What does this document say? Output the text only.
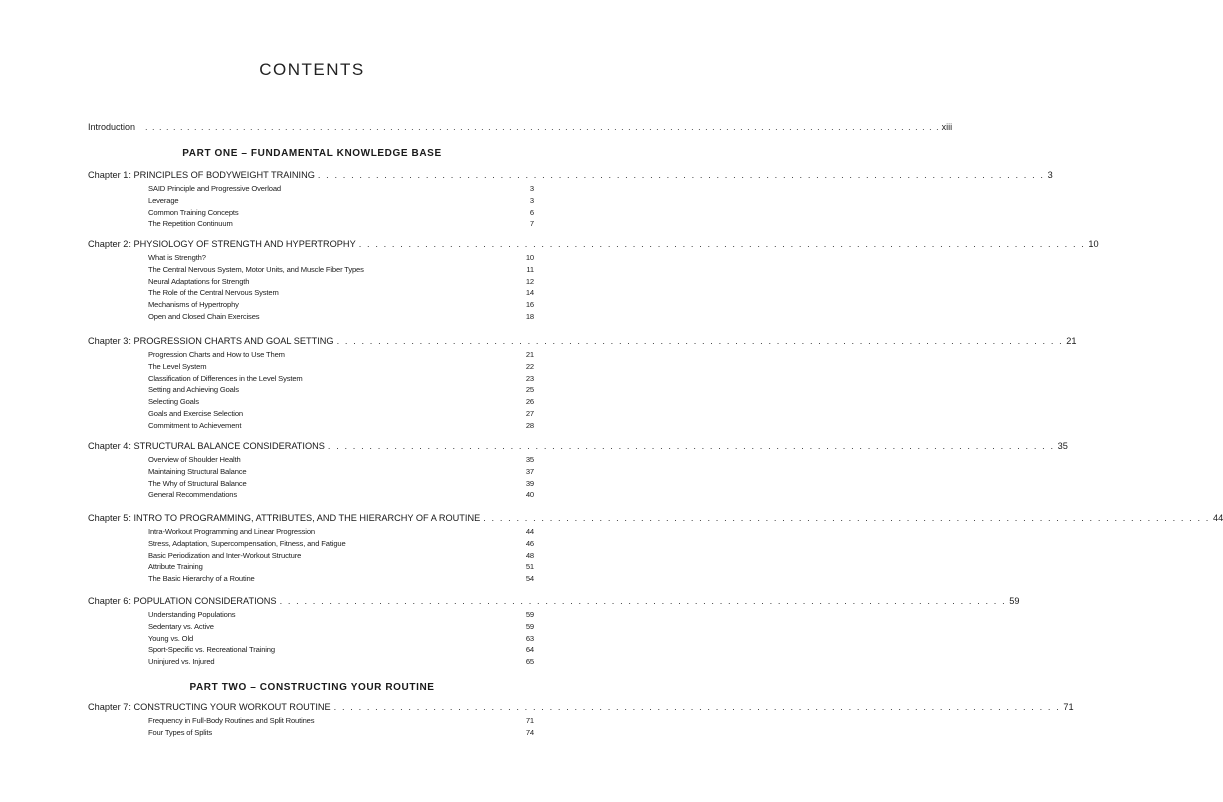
CONTENTS
Introduction . . . . . . . . . . . . . . . . . . . . . . . . . . . . . . . . . . . . . . . . . . . . . . . . . . . . . . . . . . . . . . . . . . . . . . . . . . . . . . . . . . . . . . . . . . . . . . . . . . . . . . . . . . . . . . . . . . xiii
PART ONE – FUNDAMENTAL KNOWLEDGE BASE
Chapter 1: PRINCIPLES OF BODYWEIGHT TRAINING . . . . . . . . . . . . . . . . . . . . . . . . . . . . . . . . . . . . . . . . . . . . . . . . . . . . . . . . . . . . . . . . . . . . . . . . . . . . . . . . . . . . . . . . 3
SAID Principle and Progressive Overload	3
Leverage	3
Common Training Concepts	6
The Repetition Continuum	7
Chapter 2: PHYSIOLOGY OF STRENGTH AND HYPERTROPHY . . . . . . . . . . . . . . . . . . . . . . . . . . . . . . . . . . . . . . . . . . . . . . . . . . . . . . . . . . . . . . . . . . . . . . . . . . . . . . . . . . . . . . . . 10
What is Strength?	10
The Central Nervous System, Motor Units, and Muscle Fiber Types	11
Neural Adaptations for Strength	12
The Role of the Central Nervous System	14
Mechanisms of Hypertrophy	16
Open and Closed Chain Exercises	18
Chapter 3: PROGRESSION CHARTS AND GOAL SETTING . . . . . . . . . . . . . . . . . . . . . . . . . . . . . . . . . . . . . . . . . . . . . . . . . . . . . . . . . . . . . . . . . . . . . . . . . . . . . . . . . . . . . . . . 21
Progression Charts and How to Use Them	21
The Level System	22
Classification of Differences in the Level System	23
Setting and Achieving Goals	25
Selecting Goals	26
Goals and Exercise Selection	27
Commitment to Achievement	28
Chapter 4: STRUCTURAL BALANCE CONSIDERATIONS . . . . . . . . . . . . . . . . . . . . . . . . . . . . . . . . . . . . . . . . . . . . . . . . . . . . . . . . . . . . . . . . . . . . . . . . . . . . . . . . . . . . . . . . 35
Overview of Shoulder Health	35
Maintaining Structural Balance	37
The Why of Structural Balance	39
General Recommendations	40
Chapter 5: INTRO TO PROGRAMMING, ATTRIBUTES, AND THE HIERARCHY OF A ROUTINE . . . . . . . . . . . . . . . . . . . . . . . . . . . . . . . . . . . . . . . . . . . . . . . . . . . . . . . . . . . . . . . . . . . . . . . . . . . . . . . . . . . . . . . . 44
Intra-Workout Programming and Linear Progression	44
Stress, Adaptation, Supercompensation, Fitness, and Fatigue	46
Basic Periodization and Inter-Workout Structure	48
Attribute Training	51
The Basic Hierarchy of a Routine	54
Chapter 6: POPULATION CONSIDERATIONS . . . . . . . . . . . . . . . . . . . . . . . . . . . . . . . . . . . . . . . . . . . . . . . . . . . . . . . . . . . . . . . . . . . . . . . . . . . . . . . . . . . . . . . . 59
Understanding Populations	59
Sedentary vs. Active	59
Young vs. Old	63
Sport-Specific vs. Recreational Training	64
Uninjured vs. Injured	65
PART TWO – CONSTRUCTING YOUR ROUTINE
Chapter 7: CONSTRUCTING YOUR WORKOUT ROUTINE . . . . . . . . . . . . . . . . . . . . . . . . . . . . . . . . . . . . . . . . . . . . . . . . . . . . . . . . . . . . . . . . . . . . . . . . . . . . . . . . . . . . . . . . 71
Frequency in Full-Body Routines and Split Routines	71
Four Types of Splits	74
